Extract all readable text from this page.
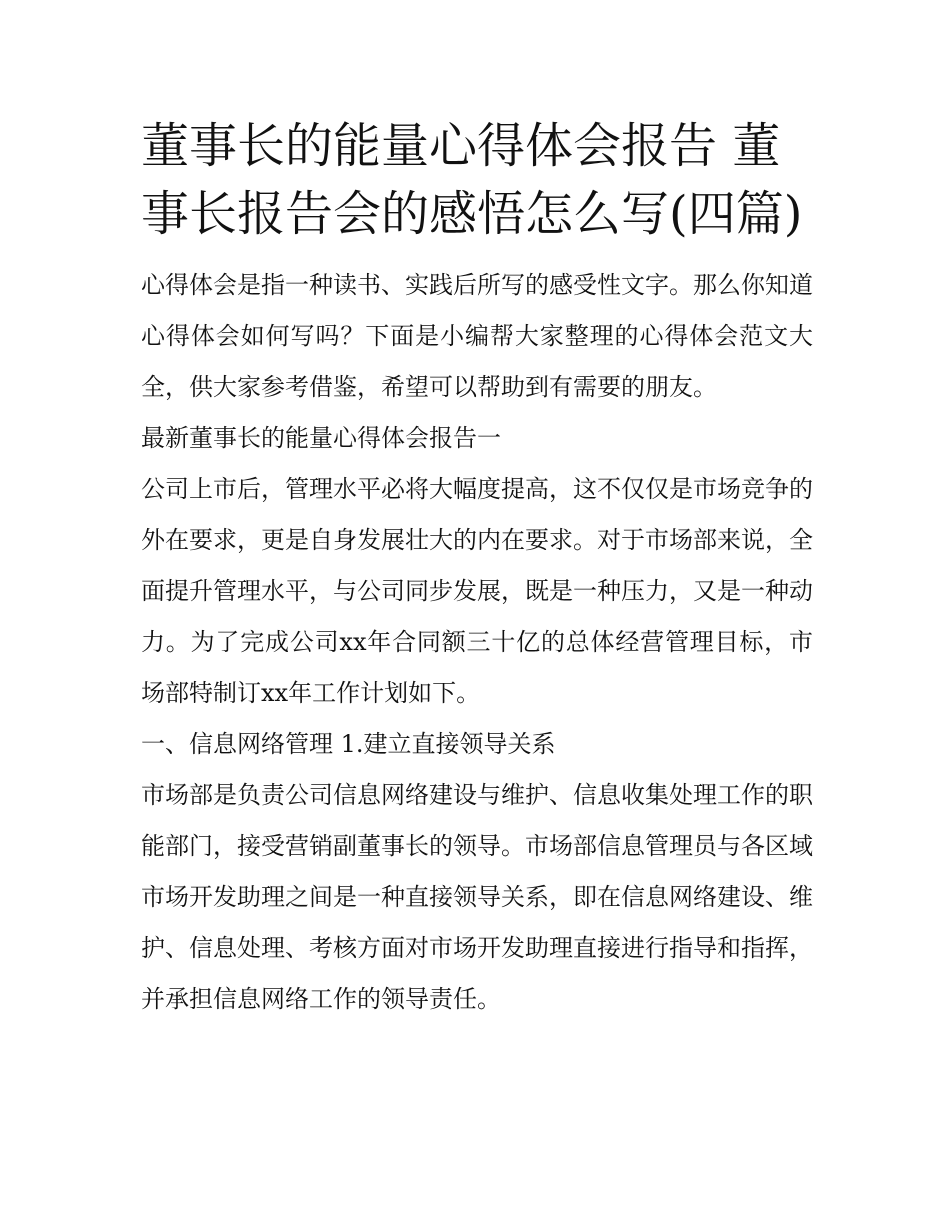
董事长的能量心得体会报告 董事长报告会的感悟怎么写(四篇)

心得体会是指一种读书、实践后所写的感受性文字。那么你知道心得体会如何写吗？下面是小编帮大家整理的心得体会范文大全，供大家参考借鉴，希望可以帮助到有需要的朋友。

最新董事长的能量心得体会报告一

公司上市后，管理水平必将大幅度提高，这不仅仅是市场竞争的外在要求，更是自身发展壮大的内在要求。对于市场部来说，全面提升管理水平，与公司同步发展，既是一种压力，又是一种动力。为了完成公司xx年合同额三十亿的总体经营管理目标，市场部特制订xx年工作计划如下。

一、信息网络管理 1.建立直接领导关系

市场部是负责公司信息网络建设与维护、信息收集处理工作的职能部门，接受营销副董事长的领导。市场部信息管理员与各区域市场开发助理之间是一种直接领导关系，即在信息网络建设、维护、信息处理、考核方面对市场开发助理直接进行指导和指挥，并承担信息网络工作的领导责任。
